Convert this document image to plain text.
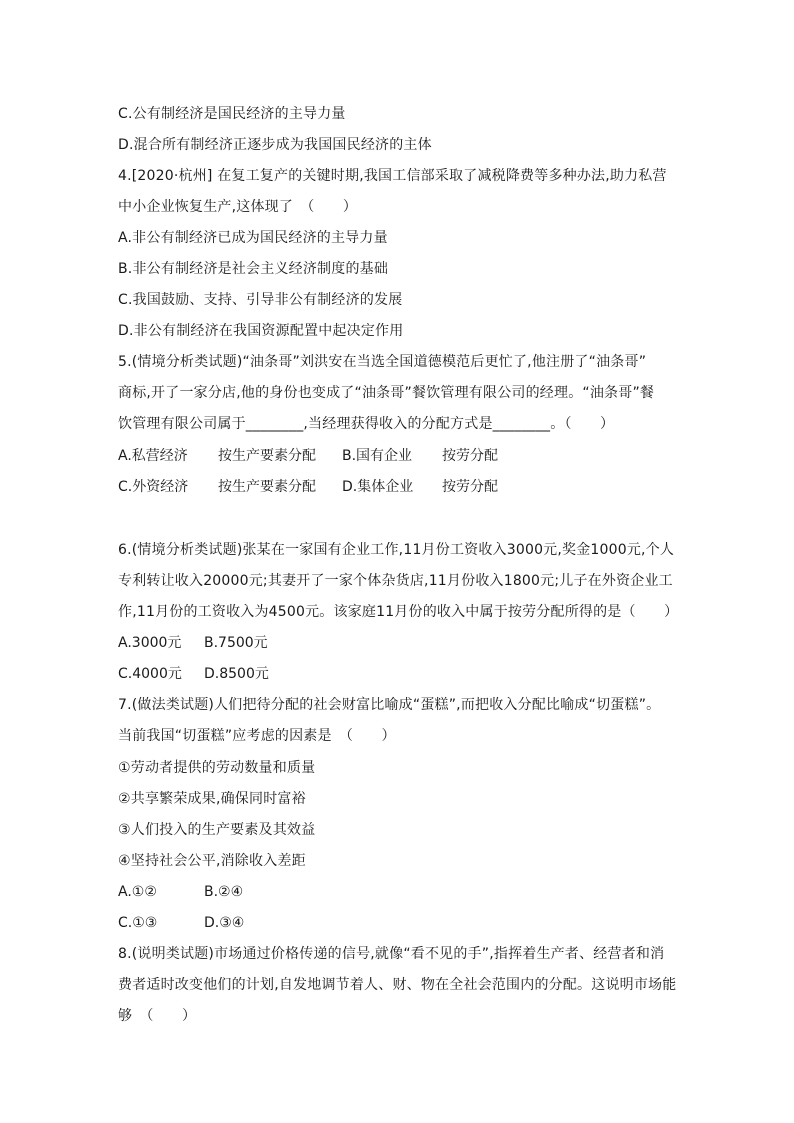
C.公有制经济是国民经济的主导力量
D.混合所有制经济正逐步成为我国国民经济的主体
4.[2020·杭州] 在复工复产的关键时期,我国工信部采取了减税降费等多种办法,助力私营
中小企业恢复生产,这体现了　（　　）
A.非公有制经济已成为国民经济的主导力量
B.非公有制经济是社会主义经济制度的基础
C.我国鼓励、支持、引导非公有制经济的发展
D.非公有制经济在我国资源配置中起决定作用
5.(情境分析类试题)“油条哥”刘洪安在当选全国道德模范后更忙了,他注册了“油条哥”
商标,开了一家分店,他的身份也变成了“油条哥”餐饮管理有限公司的经理。“油条哥”餐
饮管理有限公司属于________,当经理获得收入的分配方式是________。（　　）
A.私营经济 按生产要素分配 B.国有企业 按劳分配
C.外资经济 按生产要素分配 D.集体企业 按劳分配
6.(情境分析类试题)张某在一家国有企业工作,11月份工资收入3000元,奖金1000元,个人
专利转让收入20000元;其妻开了一家个体杂货店,11月份收入1800元;儿子在外资企业工
作,11月份的工资收入为4500元。该家庭11月份的收入中属于按劳分配所得的是（　　）
A.3000元 B.7500元
C.4000元 D.8500元
7.(做法类试题)人们把待分配的社会财富比喻成“蛋糕”,而把收入分配比喻成“切蛋糕”。
当前我国“切蛋糕”应考虑的因素是　（　　）
①劳动者提供的劳动数量和质量
②共享繁荣成果,确保同时富裕
③人们投入的生产要素及其效益
④坚持社会公平,消除收入差距
A.①②	B.②④
C.①③	D.③④
8.(说明类试题)市场通过价格传递的信号,就像“看不见的手”,指挥着生产者、经营者和消
费者适时改变他们的计划,自发地调节着人、财、物在全社会范围内的分配。这说明市场能
够　（　　）
